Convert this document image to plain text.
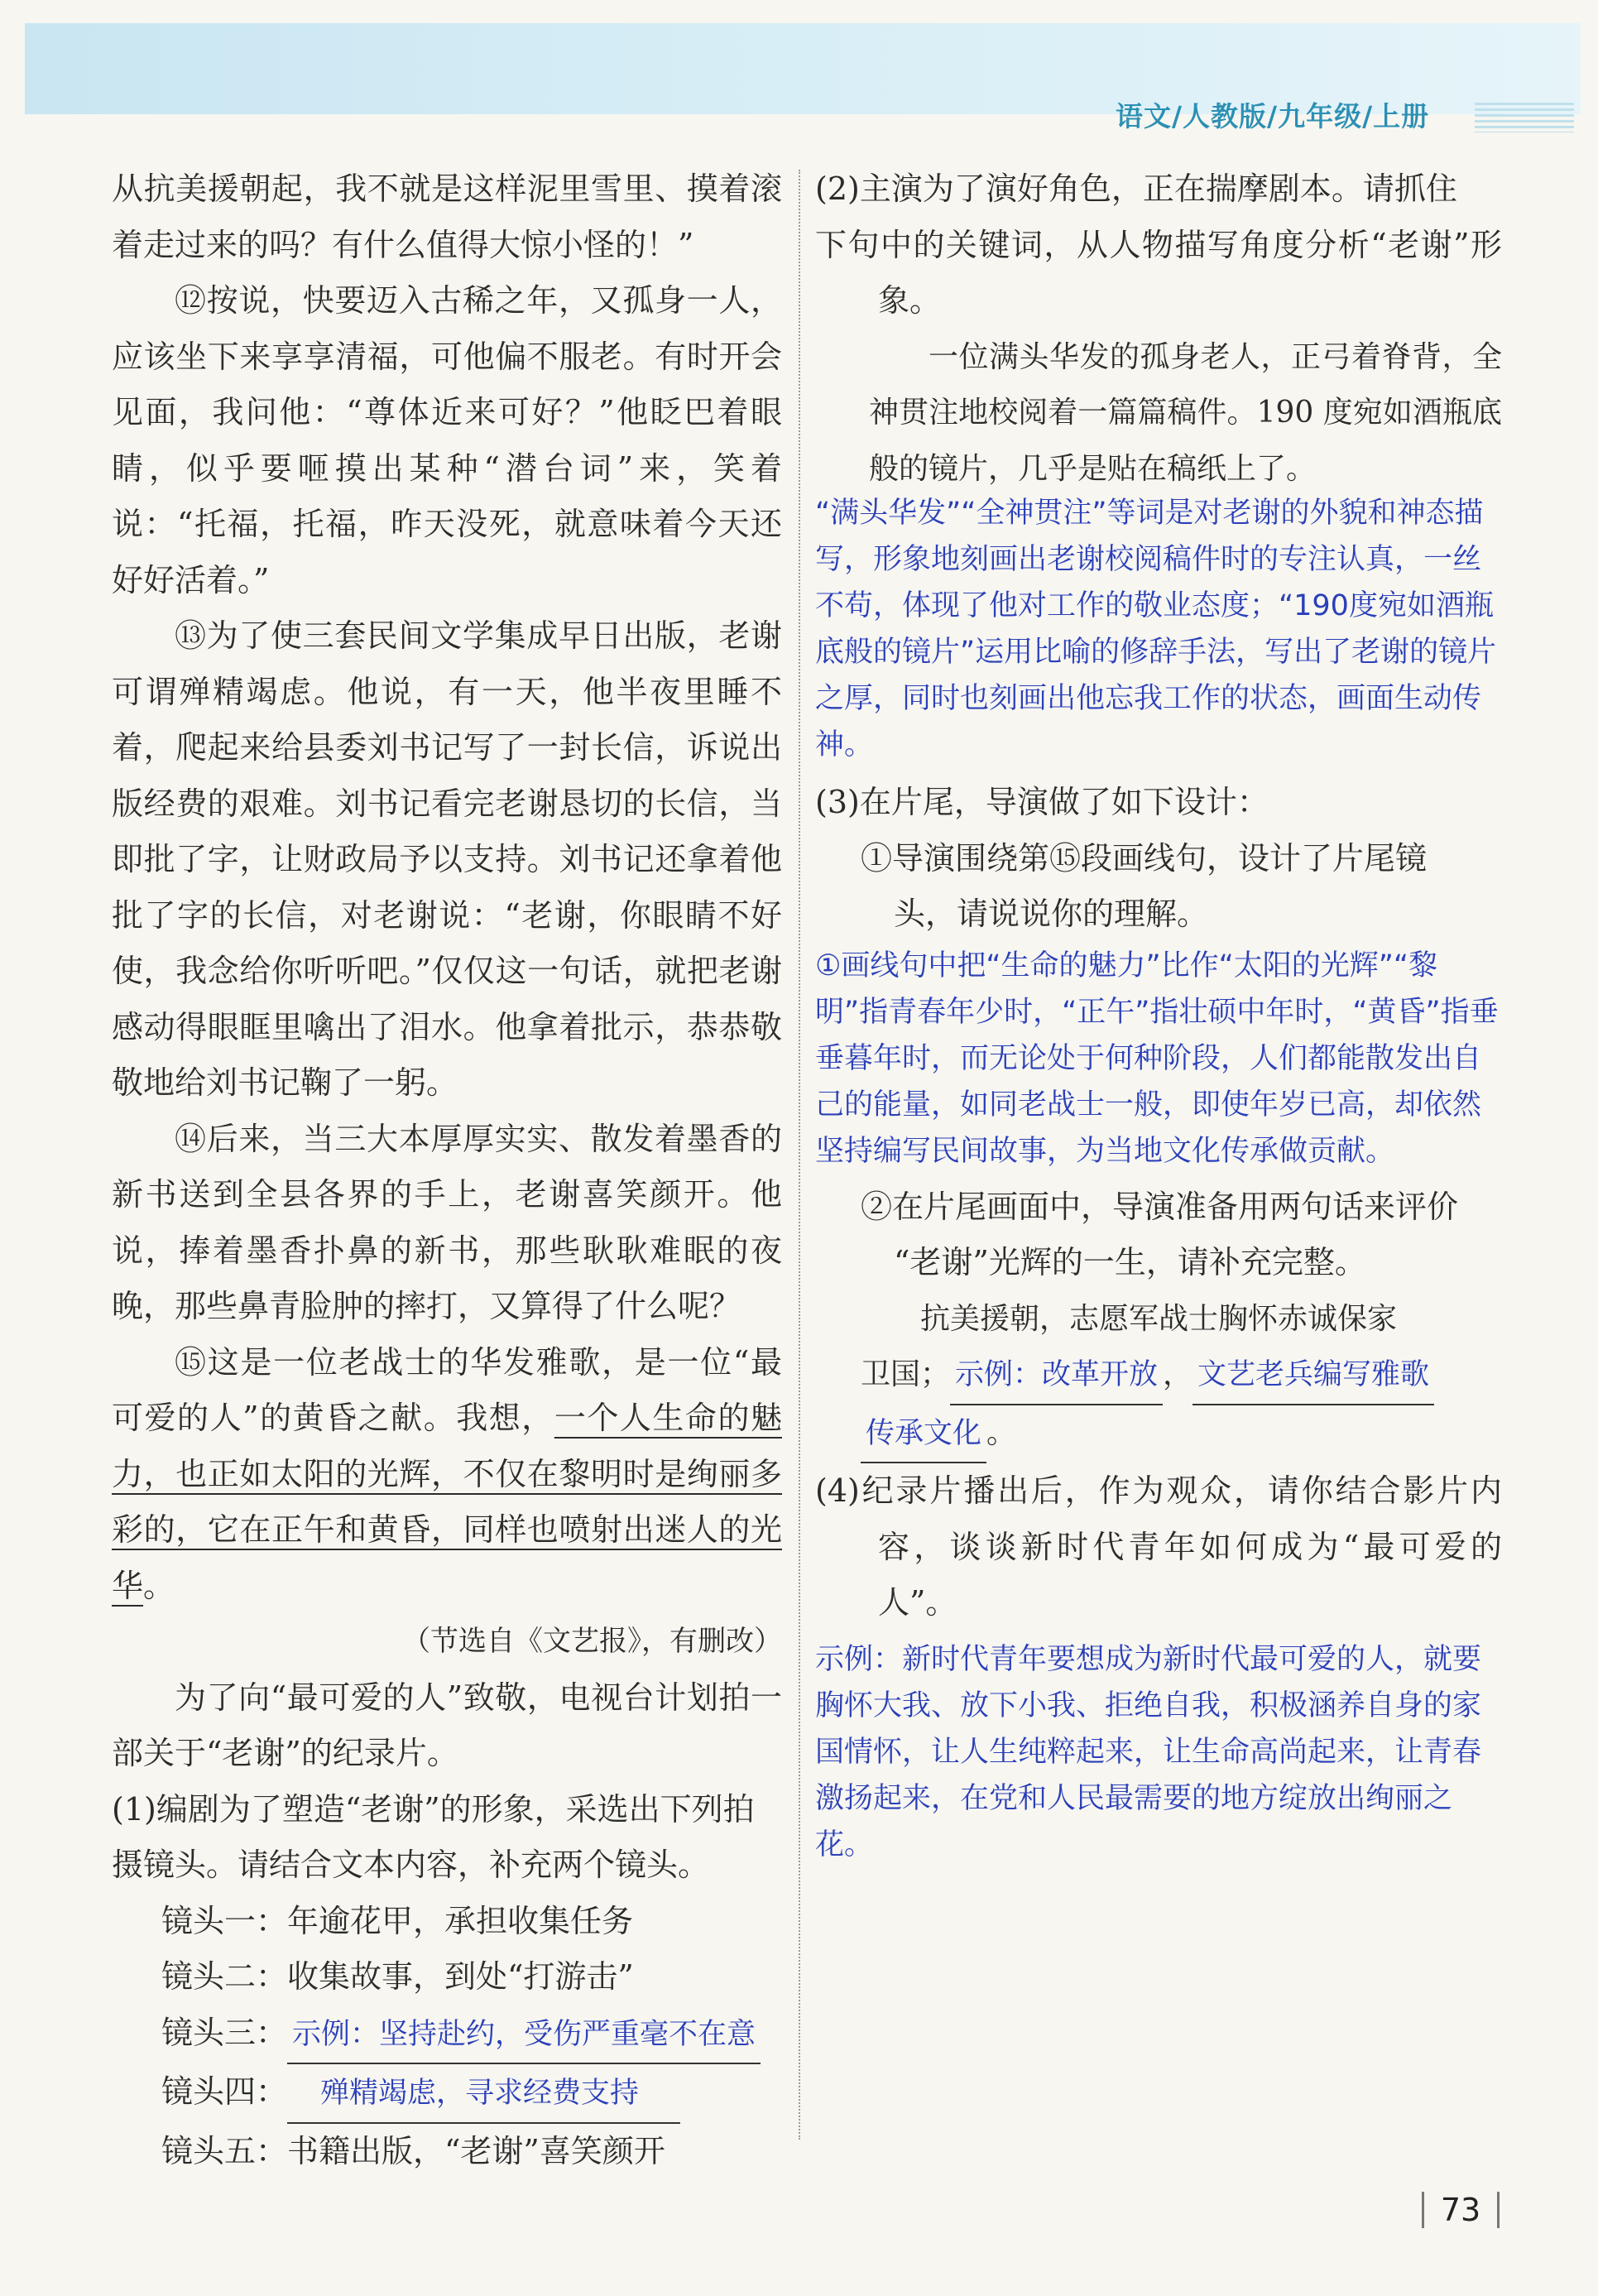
语文/人教版/九年级/上册

从抗美援朝起，我不就是这样泥里雪里、摸着滚着走过来的吗？有什么值得大惊小怪的！”

⑫按说，快要迈入古稀之年，又孤身一人，应该坐下来享享清福，可他偏不服老。有时开会见面，我问他：“尊体近来可好？”他眨巴着眼睛，似乎要咂摸出某种“潜台词”来，笑着说：“托福，托福，昨天没死，就意味着今天还好好活着。”

⑬为了使三套民间文学集成早日出版，老谢可谓殚精竭虑。他说，有一天，他半夜里睡不着，爬起来给县委刘书记写了一封长信，诉说出版经费的艰难。刘书记看完老谢恳切的长信，当即批了字，让财政局予以支持。刘书记还拿着他批了字的长信，对老谢说：“老谢，你眼睛不好使，我念给你听听吧。”仅仅这一句话，就把老谢感动得眼眶里噙出了泪水。他拿着批示，恭恭敬敬地给刘书记鞠了一躬。

⑭后来，当三大本厚厚实实、散发着墨香的新书送到全县各界的手上，老谢喜笑颜开。他说，捧着墨香扑鼻的新书，那些耿耿难眠的夜晚，那些鼻青脸肿的摔打，又算得了什么呢？

⑮这是一位老战士的华发雅歌，是一位“最可爱的人”的黄昏之献。我想，一个人生命的魅力，也正如太阳的光辉，不仅在黎明时是绚丽多彩的，它在正午和黄昏，同样也喷射出迷人的光华。

（节选自《文艺报》，有删改）

为了向“最可爱的人”致敬，电视台计划拍一部关于“老谢”的纪录片。

(1)编剧为了塑造“老谢”的形象，采选出下列拍
摄镜头。请结合文本内容，补充两个镜头。

镜头一：年逾花甲，承担收集任务

镜头二：收集故事，到处“打游击”

镜头三： 示例：坚持赴约，受伤严重毫不在意

镜头四： 殚精竭虑，寻求经费支持

镜头五：书籍出版，“老谢”喜笑颜开

(2)主演为了演好角色，正在揣摩剧本。请抓住
下句中的关键词，从人物描写角度分析“老谢”形象。

一位满头华发的孤身老人，正弓着脊背，全神贯注地校阅着一篇篇稿件。190 度宛如酒瓶底般的镜片，几乎是贴在稿纸上了。

“满头华发”“全神贯注”等词是对老谢的外貌和神态描写，形象地刻画出老谢校阅稿件时的专注认真，一丝不苟，体现了他对工作的敬业态度；“190度宛如酒瓶底般的镜片”运用比喻的修辞手法，写出了老谢的镜片之厚，同时也刻画出他忘我工作的状态，画面生动传神。

(3)在片尾，导演做了如下设计：

①导演围绕第⑮段画线句，设计了片尾镜
头，请说说你的理解。

①画线句中把“生命的魅力”比作“太阳的光辉”“黎明”指青春年少时，“正午”指壮硕中年时，“黄昏”指垂垂暮年时，而无论处于何种阶段，人们都能散发出自己的能量，如同老战士一般，即使年岁已高，却依然坚持编写民间故事，为当地文化传承做贡献。

②在片尾画面中，导演准备用两句话来评价
“老谢”光辉的一生，请补充完整。

抗美援朝，志愿军战士胸怀赤诚保家
卫国； 示例：改革开放 ， 文艺老兵编写雅歌
传承文化 。

(4)纪录片播出后，作为观众，请你结合影片内容，谈谈新时代青年如何成为“最可爱的人”。

示例：新时代青年要想成为新时代最可爱的人，就要胸怀大我、放下小我、拒绝自我，积极涵养自身的家国情怀，让人生纯粹起来，让生命高尚起来，让青春激扬起来，在党和人民最需要的地方绽放出绚丽之花。

73
